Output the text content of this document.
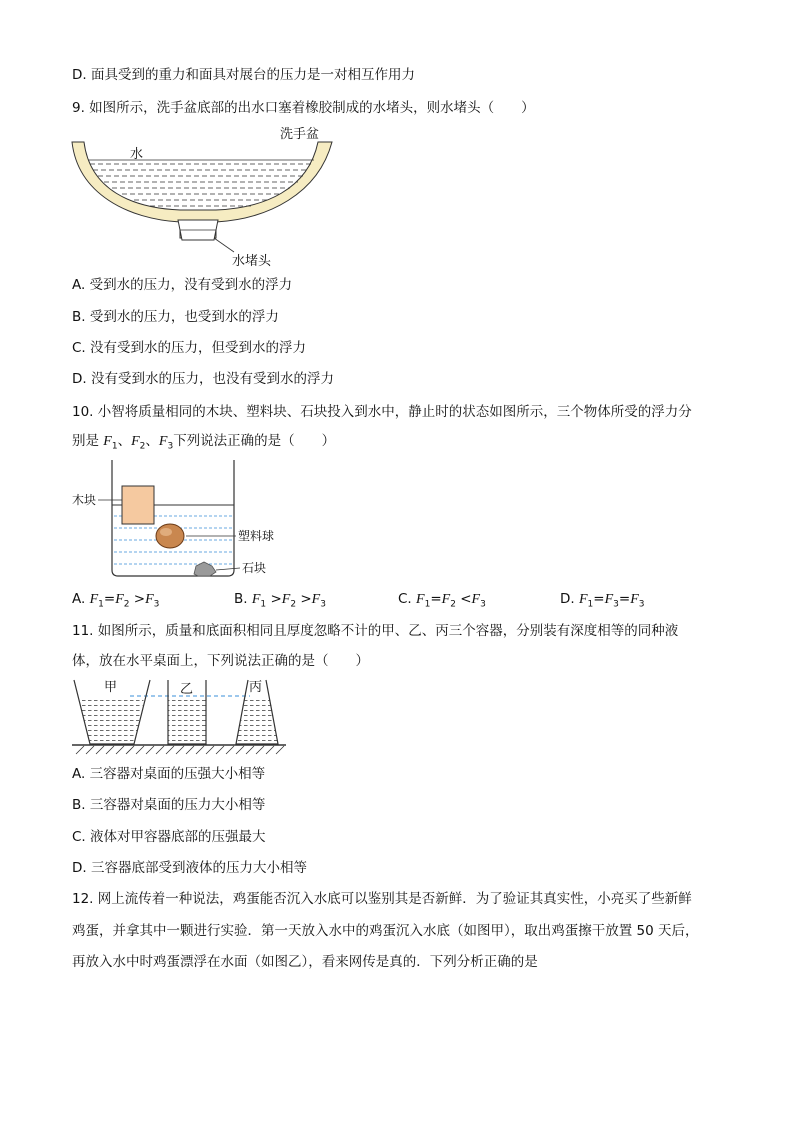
D. 面具受到的重力和面具对展台的压力是一对相互作用力
9. 如图所示，洗手盆底部的出水口塞着橡胶制成的水堵头，则水堵头（　　）
水
洗手盆
水堵头
A. 受到水的压力，没有受到水的浮力
B. 受到水的压力，也受到水的浮力
C. 没有受到水的压力，但受到水的浮力
D. 没有受到水的压力，也没有受到水的浮力
10. 小智将质量相同的木块、塑料块、石块投入到水中，静止时的状态如图所示，三个物体所受的浮力分
别是 $F_1$、$F_2$、$F_3$下列说法正确的是（　　）
木块
塑料球
石块
A. $F_1=F_2 >F_3$	B. $F_1 >F_2 >F_3$	C. $F_1=F_2 <F_3$	D. $F_1=F_3=F_3$
11. 如图所示，质量和底面积相同且厚度忽略不计的甲、乙、丙三个容器，分别装有深度相等的同种液
体，放在水平桌面上，下列说法正确的是（　　）
甲	乙	丙
A. 三容器对桌面的压强大小相等
B. 三容器对桌面的压力大小相等
C. 液体对甲容器底部的压强最大
D. 三容器底部受到液体的压力大小相等
12. 网上流传着一种说法，鸡蛋能否沉入水底可以鉴别其是否新鲜．为了验证其真实性，小亮买了些新鲜
鸡蛋，并拿其中一颗进行实验．第一天放入水中的鸡蛋沉入水底（如图甲），取出鸡蛋擦干放置 50 天后，
再放入水中时鸡蛋漂浮在水面（如图乙），看来网传是真的．下列分析正确的是
